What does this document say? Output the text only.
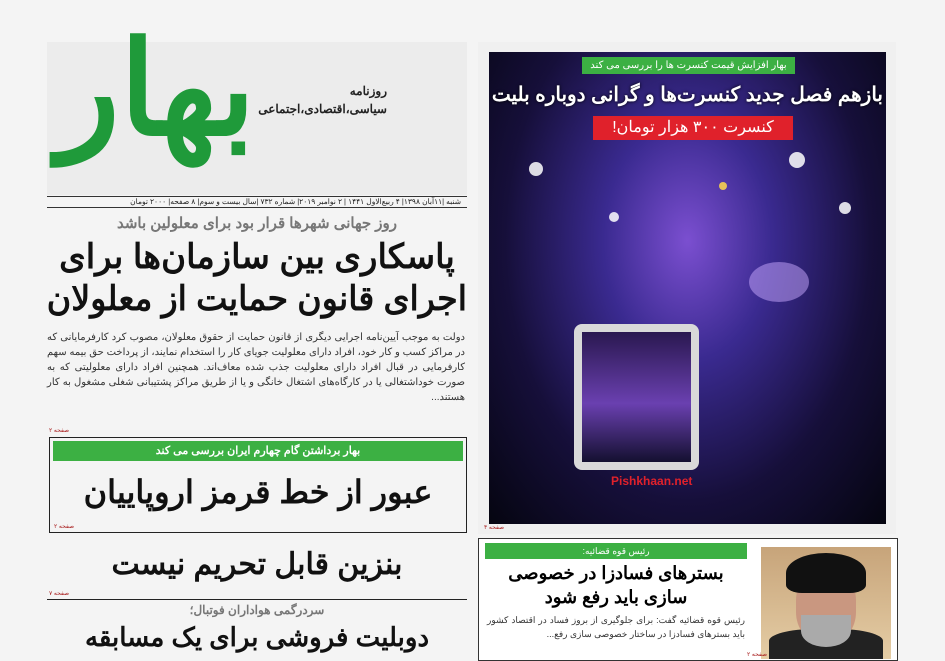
بهار	روزنامه
سیاسی،اقتصادی،اجتماعی
شنبه |۱۱آبان ۱۳۹۸| ۴ ربیع‌الاول ۱۴۴۱ | ۲ نوامبر ۲۰۱۹| شماره ۷۳۲ |سال بیست و سوم| ۸ صفحه| ۲۰۰۰ تومان
روز جهانی شهرها قرار بود برای معلولین باشد
پاسکاری بین سازمان‌ها برای
اجرای قانون حمایت از معلولان
دولت به موجب آیین‌نامه اجرایی دیگری از قانون حمایت از حقوق معلولان، مصوب کرد کارفرمایانی که در مراکز کسب و کار خود، افراد دارای معلولیت جویای کار را استخدام نمایند، از پرداخت حق بیمه سهم کارفرمایی در قبال افراد دارای معلولیت جذب شده معاف‌اند. همچنین افراد دارای معلولیتی که به صورت خوداشتغالی یا در کارگاه‌های اشتغال خانگی و یا از طریق مراکز پشتیبانی شغلی مشغول به کار هستند...
صفحه ۲
بهار برداشتن گام چهارم ایران بررسی می کند
عبور از خط قرمز اروپاییان
صفحه ۲
بنزین قابل تحریم نیست
صفحه ۷
سردرگمی هواداران فوتبال؛
دوبلیت فروشی برای یک مسابقه
Pishkhaan.net
بهار افزایش قیمت کنسرت ها را بررسی می کند
بازهم فصل جدید کنسرت‌ها و گرانی دوباره بلیت
کنسرت ۳۰۰ هزار تومان!
صفحه ۴
رئیس قوه قضائیه:
بسترهای فسادزا در خصوصی سازی باید رفع شود
رئیس قوه قضائیه گفت: برای جلوگیری از بروز فساد در اقتصاد کشور باید بسترهای فسادزا در ساختار خصوصی سازی رفع...
صفحه ۲
